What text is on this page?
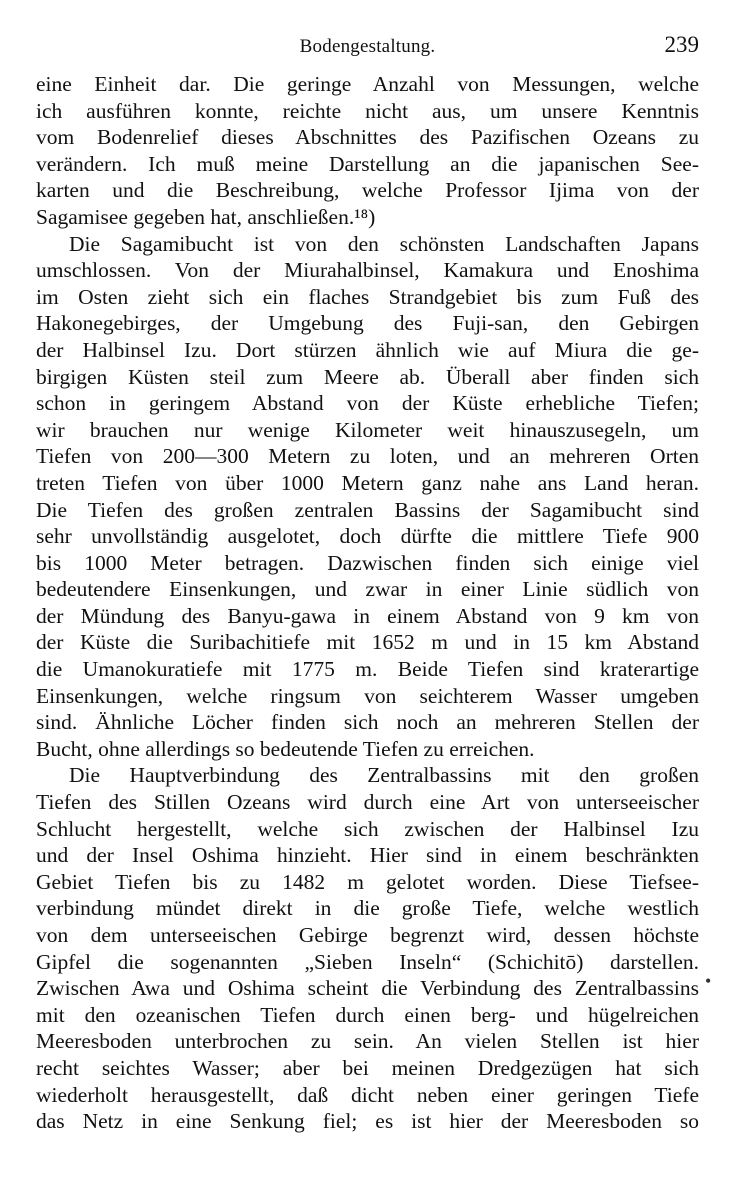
Bodengestaltung.	239
eine Einheit dar. Die geringe Anzahl von Messungen, welche
ich ausführen konnte, reichte nicht aus, um unsere Kenntnis
vom Bodenrelief dieses Abschnittes des Pazifischen Ozeans zu
verändern. Ich muß meine Darstellung an die japanischen See-
karten und die Beschreibung, welche Professor Ijima von der
Sagamisee gegeben hat, anschließen.¹⁸)
Die Sagamibucht ist von den schönsten Landschaften Japans
umschlossen. Von der Miurahalbinsel, Kamakura und Enoshima
im Osten zieht sich ein flaches Strandgebiet bis zum Fuß des
Hakonegebirges, der Umgebung des Fuji-san, den Gebirgen
der Halbinsel Izu. Dort stürzen ähnlich wie auf Miura die ge-
birgigen Küsten steil zum Meere ab. Überall aber finden sich
schon in geringem Abstand von der Küste erhebliche Tiefen;
wir brauchen nur wenige Kilometer weit hinauszusegeln, um
Tiefen von 200—300 Metern zu loten, und an mehreren Orten
treten Tiefen von über 1000 Metern ganz nahe ans Land heran.
Die Tiefen des großen zentralen Bassins der Sagamibucht sind
sehr unvollständig ausgelotet, doch dürfte die mittlere Tiefe 900
bis 1000 Meter betragen. Dazwischen finden sich einige viel
bedeutendere Einsenkungen, und zwar in einer Linie südlich von
der Mündung des Banyu-gawa in einem Abstand von 9 km von
der Küste die Suribachitiefe mit 1652 m und in 15 km Abstand
die Umanokuratiefe mit 1775 m. Beide Tiefen sind kraterartige
Einsenkungen, welche ringsum von seichterem Wasser umgeben
sind. Ähnliche Löcher finden sich noch an mehreren Stellen der
Bucht, ohne allerdings so bedeutende Tiefen zu erreichen.
Die Hauptverbindung des Zentralbassins mit den großen
Tiefen des Stillen Ozeans wird durch eine Art von unterseeischer
Schlucht hergestellt, welche sich zwischen der Halbinsel Izu
und der Insel Oshima hinzieht. Hier sind in einem beschränkten
Gebiet Tiefen bis zu 1482 m gelotet worden. Diese Tiefsee-
verbindung mündet direkt in die große Tiefe, welche westlich
von dem unterseeischen Gebirge begrenzt wird, dessen höchste
Gipfel die sogenannten „Sieben Inseln“ (Schichitō) darstellen.
Zwischen Awa und Oshima scheint die Verbindung des Zentralbassins
mit den ozeanischen Tiefen durch einen berg- und hügelreichen
Meeresboden unterbrochen zu sein. An vielen Stellen ist hier
recht seichtes Wasser; aber bei meinen Dredgezügen hat sich
wiederholt herausgestellt, daß dicht neben einer geringen Tiefe
das Netz in eine Senkung fiel; es ist hier der Meeresboden so
•
